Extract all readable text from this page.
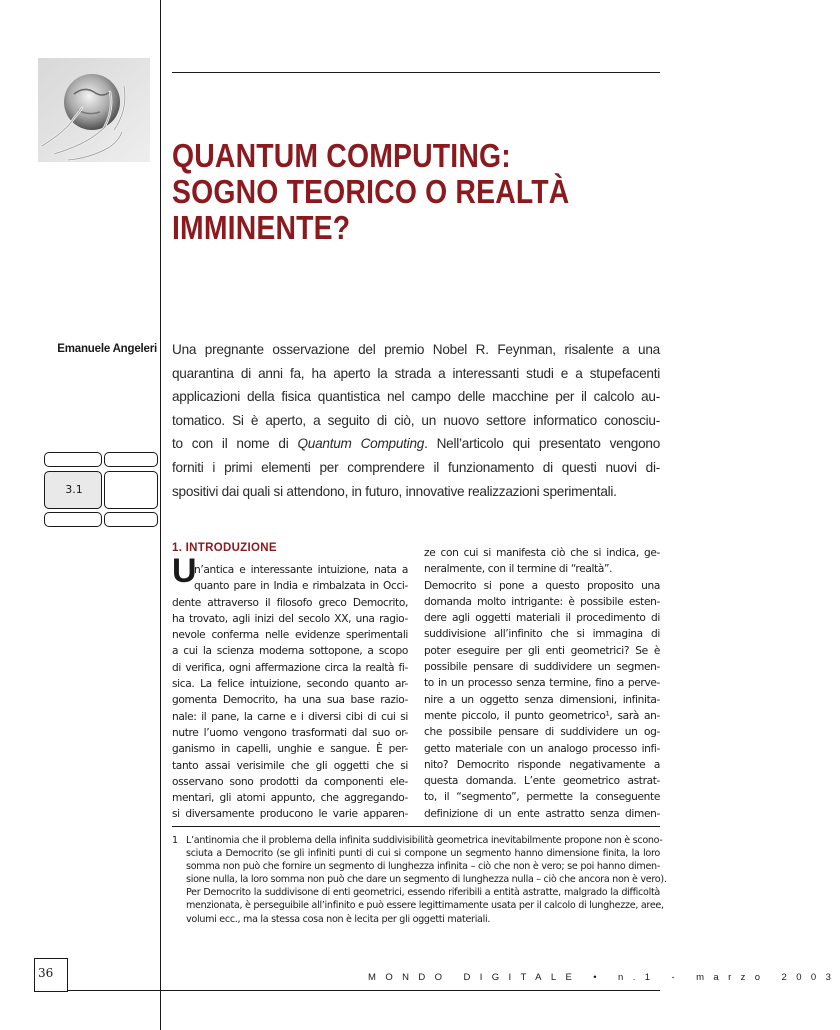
QUANTUM COMPUTING:
SOGNO TEORICO O REALTÀ
IMMINENTE?
Emanuele Angeleri Una pregnante osservazione del premio Nobel R. Feynman, risalente a una
quarantina di anni fa, ha aperto la strada a interessanti studi e a stupefacenti
applicazioni della fisica quantistica nel campo delle macchine per il calcolo au-
tomatico. Si è aperto, a seguito di ciò, un nuovo settore informatico conosciu-
to con il nome di Quantum Computing. Nell’articolo qui presentato vengono
forniti i primi elementi per comprendere il funzionamento di questi nuovi di-
spositivi dai quali si attendono, in futuro, innovative realizzazioni sperimentali.
3.1
1. INTRODUZIONE
U
n’antica e interessante intuizione, nata a
quanto pare in India e rimbalzata in Occi-
dente attraverso il filosofo greco Democrito,
ha trovato, agli inizi del secolo XX, una ragio-
nevole conferma nelle evidenze sperimentali
a cui la scienza moderna sottopone, a scopo
di verifica, ogni affermazione circa la realtà fi-
sica. La felice intuizione, secondo quanto ar-
gomenta Democrito, ha una sua base razio-
nale: il pane, la carne e i diversi cibi di cui si
nutre l’uomo vengono trasformati dal suo or-
ganismo in capelli, unghie e sangue. È per-
tanto assai verisimile che gli oggetti che si
osservano sono prodotti da componenti ele-
mentari, gli atomi appunto, che aggregando-
si diversamente producono le varie apparen-
ze con cui si manifesta ciò che si indica, ge-
neralmente, con il termine di “realtà”.
Democrito si pone a questo proposito una
domanda molto intrigante: è possibile esten-
dere agli oggetti materiali il procedimento di
suddivisione all’infinito che si immagina di
poter eseguire per gli enti geometrici? Se è
possibile pensare di suddividere un segmen-
to in un processo senza termine, fino a perve-
nire a un oggetto senza dimensioni, infinita-
mente piccolo, il punto geometrico¹, sarà an-
che possibile pensare di suddividere un og-
getto materiale con un analogo processo infi-
nito? Democrito risponde negativamente a
questa domanda. L’ente geometrico astrat-
to, il “segmento”, permette la conseguente
definizione di un ente astratto senza dimen-
1 L’antinomia che il problema della infinita suddivisibilità geometrica inevitabilmente propone non è scono-
sciuta a Democrito (se gli infiniti punti di cui si compone un segmento hanno dimensione finita, la loro
somma non può che fornire un segmento di lunghezza infinita – ciò che non è vero; se poi hanno dimen-
sione nulla, la loro somma non può che dare un segmento di lunghezza nulla – ciò che ancora non è vero).
Per Democrito la suddivisone di enti geometrici, essendo riferibili a entità astratte, malgrado la difficoltà
menzionata, è perseguibile all’infinito e può essere legittimamente usata per il calcolo di lunghezze, aree,
volumi ecc., ma la stessa cosa non è lecita per gli oggetti materiali.
36	MONDO DIGITALE • n.1 - marzo 2003
